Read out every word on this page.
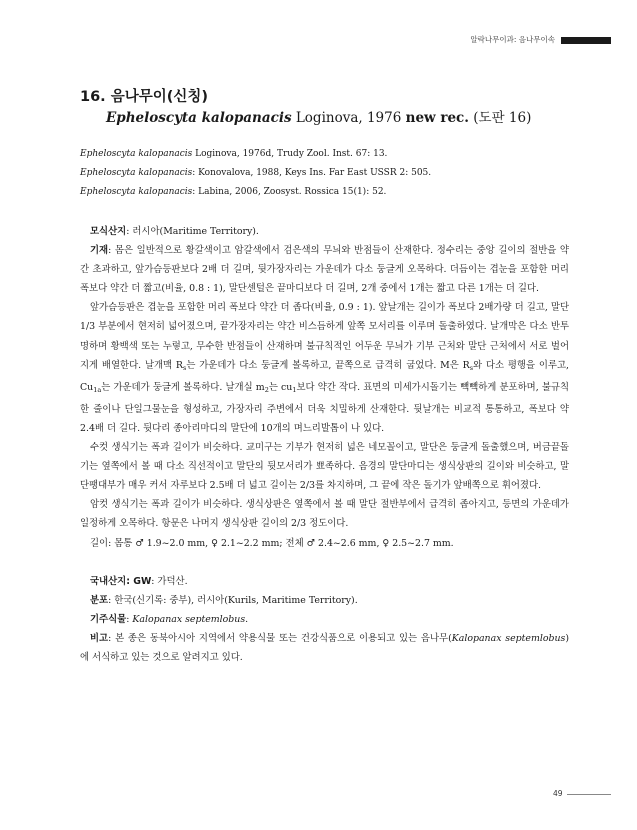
알락나무이과: 음나무이속
16. 음나무이(신칭)
Epheloscyta kalopanacis Loginova, 1976 new rec. (도판 16)
Epheloscyta kalopanacis Loginova, 1976d, Trudy Zool. Inst. 67: 13.
Epheloscyta kalopanacis: Konovalova, 1988, Keys Ins. Far East USSR 2: 505.
Epheloscyta kalopanacis: Labina, 2006, Zoosyst. Rossica 15(1): 52.

모식산지: 러시아(Maritime Territory).

기재: 몸은 일반적으로 황갈색이고 암갈색에서 검은색의 무늬와 반점들이 산재한다. 정수리는 중앙 길이의 절반을 약간 초과하고, 앞가슴등판보다 2배 더 길며, 뒷가장자리는 가운데가 다소 둥글게 오목하다. 더듬이는 겹눈을 포함한 머리 폭보다 약간 더 짧고(비율, 0.8 : 1), 말단센털은 끝마디보다 더 길며, 2개 중에서 1개는 짧고 다른 1개는 더 길다.

앞가슴등판은 겹눈을 포함한 머리 폭보다 약간 더 좁다(비율, 0.9 : 1). 앞날개는 길이가 폭보다 2배가량 더 길고, 말단 1/3 부분에서 현저히 넓어졌으며, 끝가장자리는 약간 비스듬하게 앞쪽 모서리를 이루며 돌출하였다. 날개막은 다소 반투명하며 황백색 또는 누렇고, 무수한 반점들이 산재하며 불규칙적인 어두운 무늬가 기부 근처와 말단 근처에서 서로 벌어지게 배열한다. 날개맥 $R_s$는 가운데가 다소 둥글게 볼록하고, 끝쪽으로 급격히 굽었다. M은 $R_s$와 다소 평행을 이루고, $Cu_{1a}$는 가운데가 둥글게 볼록하다. 날개실 $m_2$는 $cu_1$보다 약간 작다. 표면의 미세가시돌기는 빽빽하게 분포하며, 불규칙한 줄이나 단일그물눈을 형성하고, 가장자리 주변에서 더욱 치밀하게 산재한다. 뒷날개는 비교적 통통하고, 폭보다 약 2.4배 더 길다. 뒷다리 종아리마디의 말단에 10개의 며느리발톱이 나 있다.

수컷 생식기는 폭과 길이가 비슷하다. 교미구는 기부가 현저히 넓은 네모꼴이고, 말단은 둥글게 돌출했으며, 버금끝돌기는 옆쪽에서 볼 때 다소 직선적이고 말단의 뒷모서리가 뾰족하다. 음경의 말단마디는 생식상판의 길이와 비슷하고, 말단팽대부가 매우 커서 자루보다 2.5배 더 넓고 길이는 2/3를 차지하며, 그 끝에 작은 돌기가 앞배쪽으로 휘어졌다.

암컷 생식기는 폭과 길이가 비슷하다. 생식상판은 옆쪽에서 볼 때 말단 절반부에서 급격히 좁아지고, 등면의 가운데가 일정하게 오목하다. 항문은 나머지 생식상판 길이의 2/3 정도이다.

길이: 몸통 ♂ 1.9~2.0 mm, ♀ 2.1~2.2 mm; 전체 ♂ 2.4~2.6 mm, ♀ 2.5~2.7 mm.

국내산지: GW: 가덕산.

분포: 한국(신기록: 중부), 러시아(Kurils, Maritime Territory).

기주식물: Kalopanax septemlobus.

비고: 본 종은 동북아시아 지역에서 약용식물 또는 건강식품으로 이용되고 있는 음나무(Kalopanax septemlobus)에 서식하고 있는 것으로 알려지고 있다.

49
